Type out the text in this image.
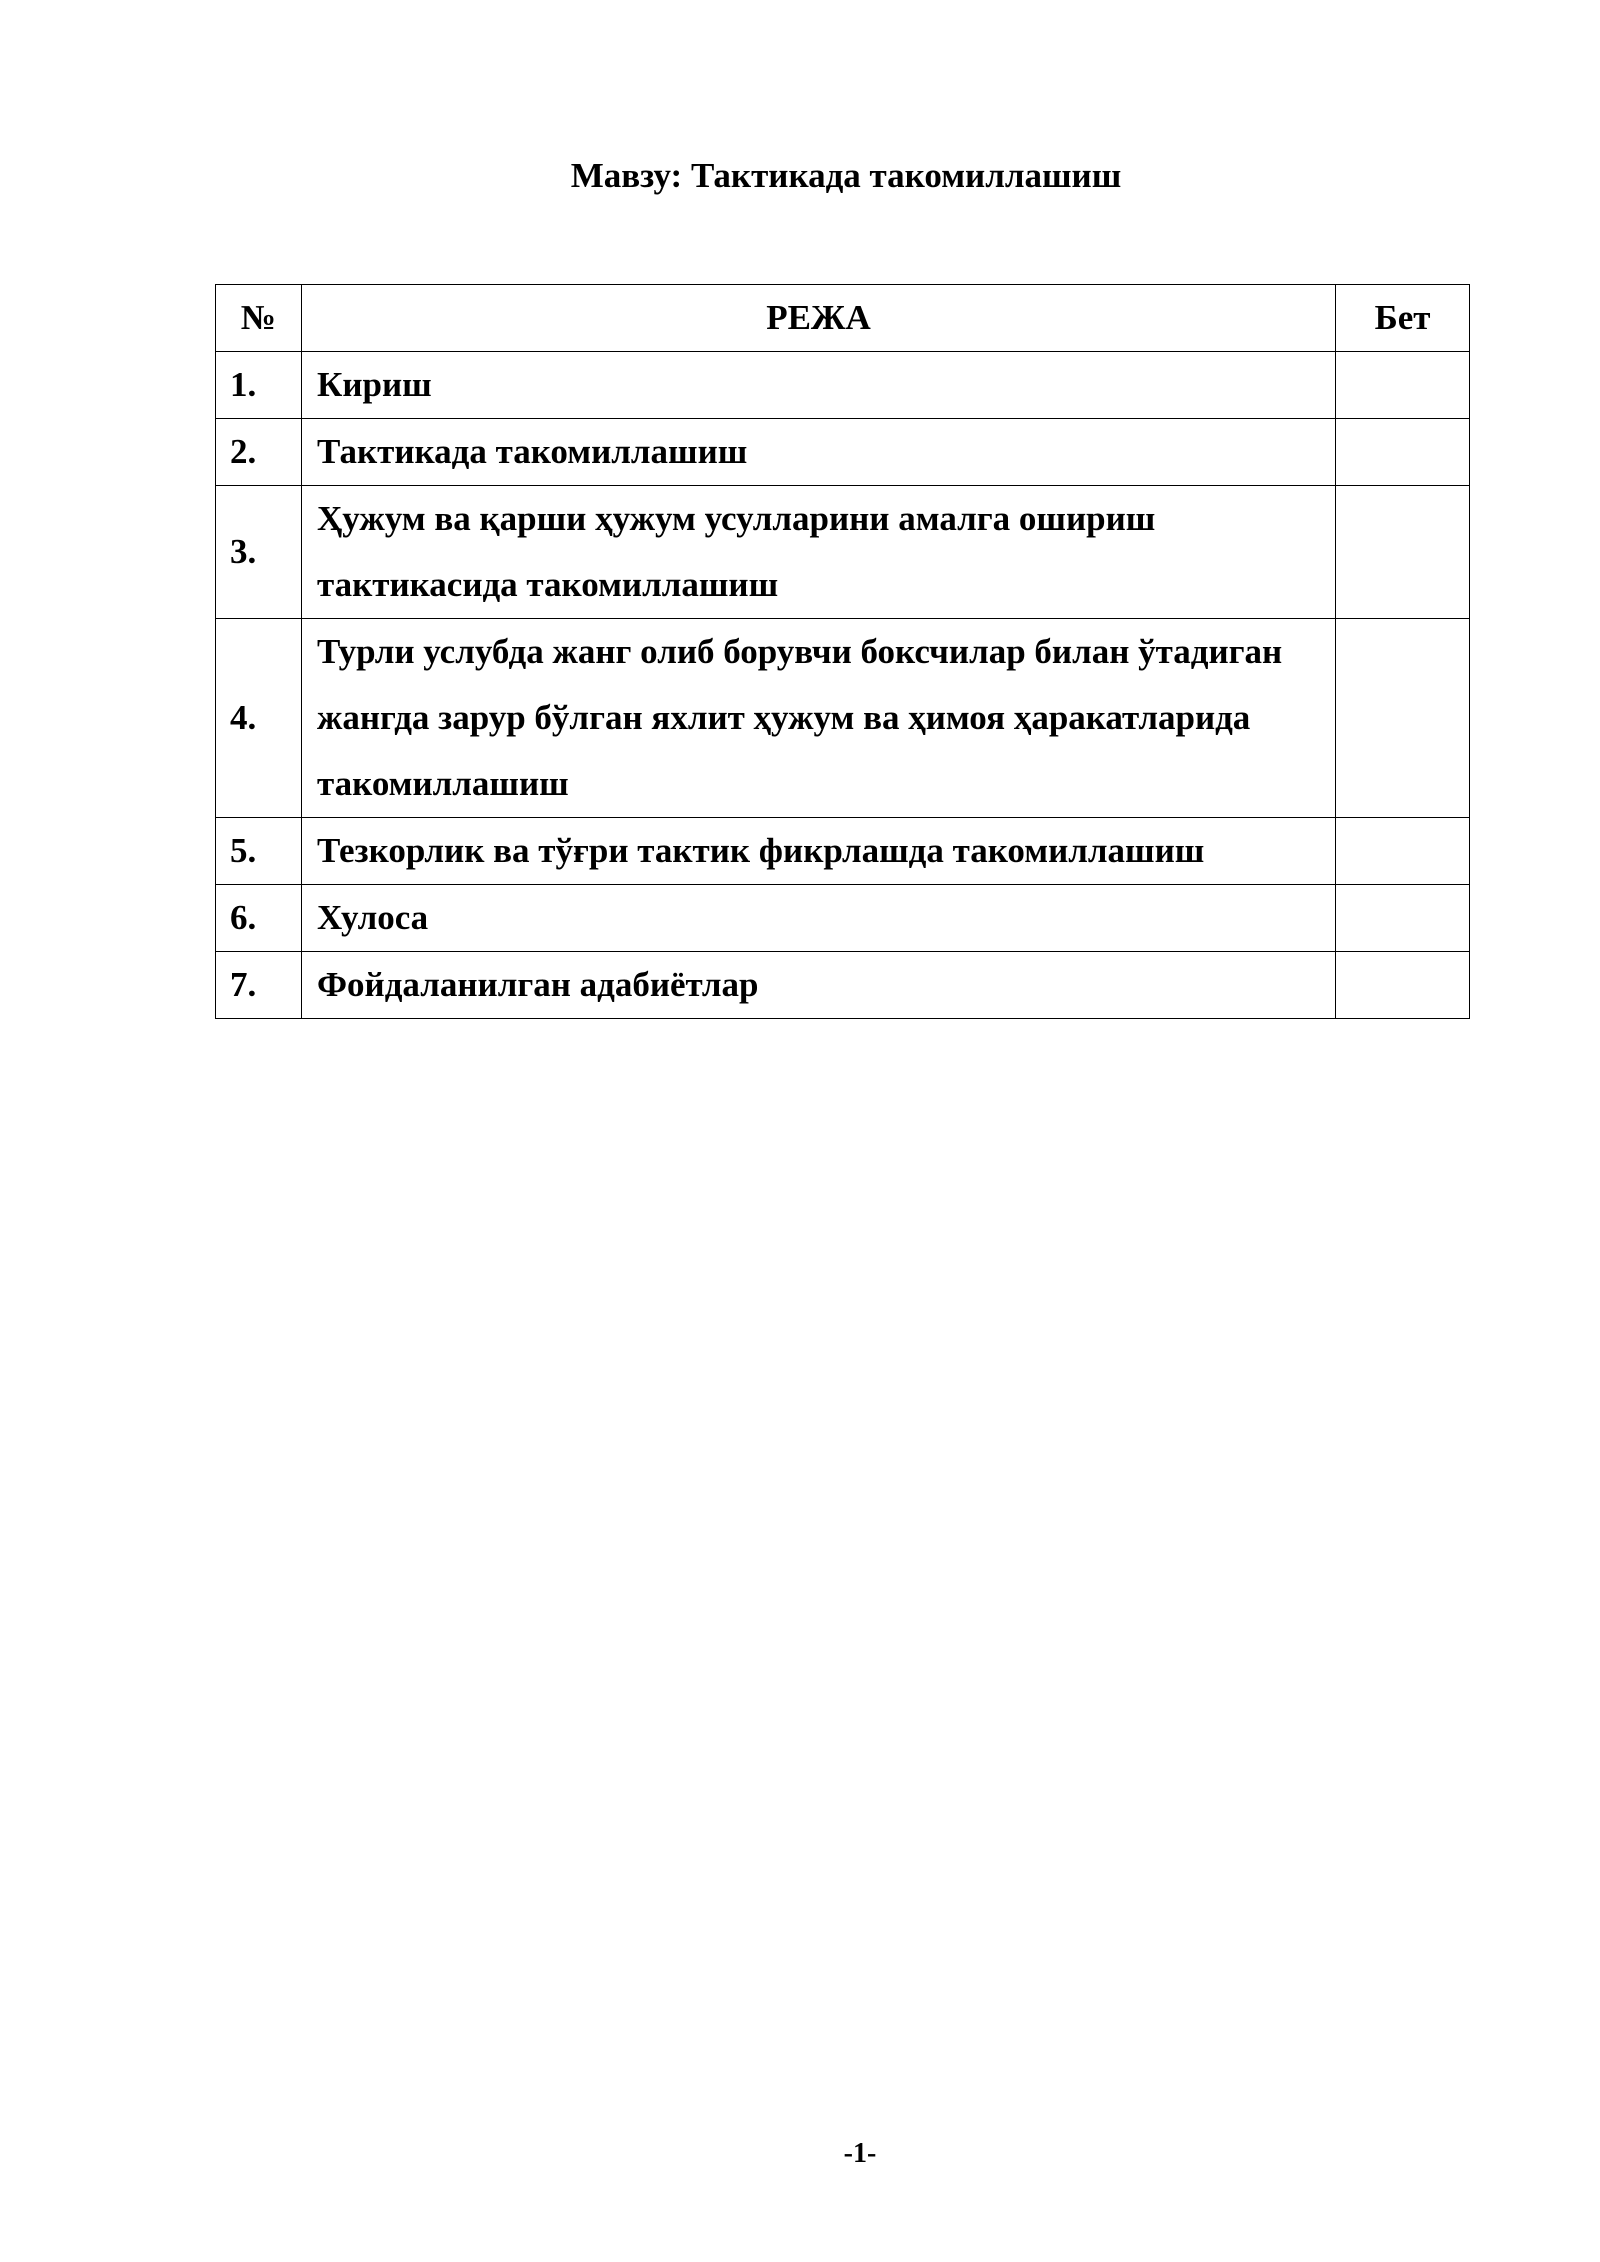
Мавзу: Тактикада такомиллашиш
№	РЕЖА	Бет
1.	Кириш	
2.	Тактикада такомиллашиш	
3.	Ҳужум ва қарши ҳужум усулларини амалга ошириш тактикасида такомиллашиш	
4.	Турли услубда жанг олиб борувчи боксчилар билан ўтадиган жангда зарур бўлган яхлит ҳужум ва ҳимоя ҳаракатларида такомиллашиш	
5.	Тезкорлик ва тўғри тактик фикрлашда такомиллашиш	
6.	Хулоса	
7.	Фойдаланилган адабиётлар	
-1-
